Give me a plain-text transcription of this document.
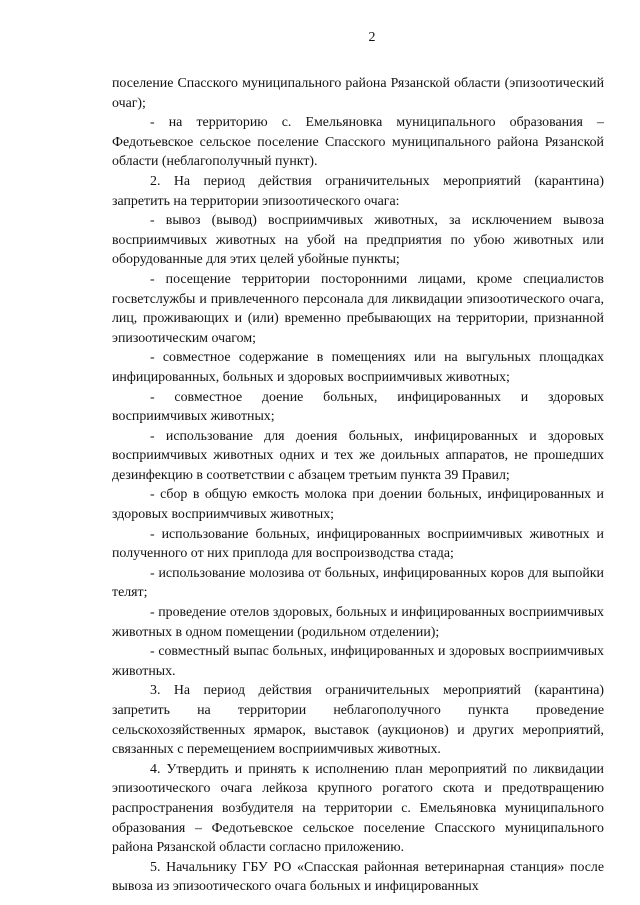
2

поселение Спасского муниципального района Рязанской области (эпизоотический очаг);

- на территорию с. Емельяновка муниципального образования – Федотьевское сельское поселение Спасского муниципального района Рязанской области (неблагополучный пункт).

2. На период действия ограничительных мероприятий (карантина) запретить на территории эпизоотического очага:

- вывоз (вывод) восприимчивых животных, за исключением вывоза восприимчивых животных на убой на предприятия по убою животных или оборудованные для этих целей убойные пункты;

- посещение территории посторонними лицами, кроме специалистов госветслужбы и привлеченного персонала для ликвидации эпизоотического очага, лиц, проживающих и (или) временно пребывающих на территории, признанной эпизоотическим очагом;

- совместное содержание в помещениях или на выгульных площадках инфицированных, больных и здоровых восприимчивых животных;

- совместное доение больных, инфицированных и здоровых восприимчивых животных;

- использование для доения больных, инфицированных и здоровых восприимчивых животных одних и тех же доильных аппаратов, не прошедших дезинфекцию в соответствии с абзацем третьим пункта 39 Правил;

- сбор в общую емкость молока при доении больных, инфицированных и здоровых восприимчивых животных;

- использование больных, инфицированных восприимчивых животных и полученного от них приплода для воспроизводства стада;

- использование молозива от больных, инфицированных коров для выпойки телят;

- проведение отелов здоровых, больных и инфицированных восприимчивых животных в одном помещении (родильном отделении);

- совместный выпас больных, инфицированных и здоровых восприимчивых животных.

3. На период действия ограничительных мероприятий (карантина) запретить на территории неблагополучного пункта проведение сельскохозяйственных ярмарок, выставок (аукционов) и других мероприятий, связанных с перемещением восприимчивых животных.

4. Утвердить и принять к исполнению план мероприятий по ликвидации эпизоотического очага лейкоза крупного рогатого скота и предотвращению распространения возбудителя на территории с. Емельяновка муниципального образования – Федотьевское сельское поселение Спасского муниципального района Рязанской области согласно приложению.

5. Начальнику ГБУ РО «Спасская районная ветеринарная станция» после вывоза из эпизоотического очага больных и инфицированных
